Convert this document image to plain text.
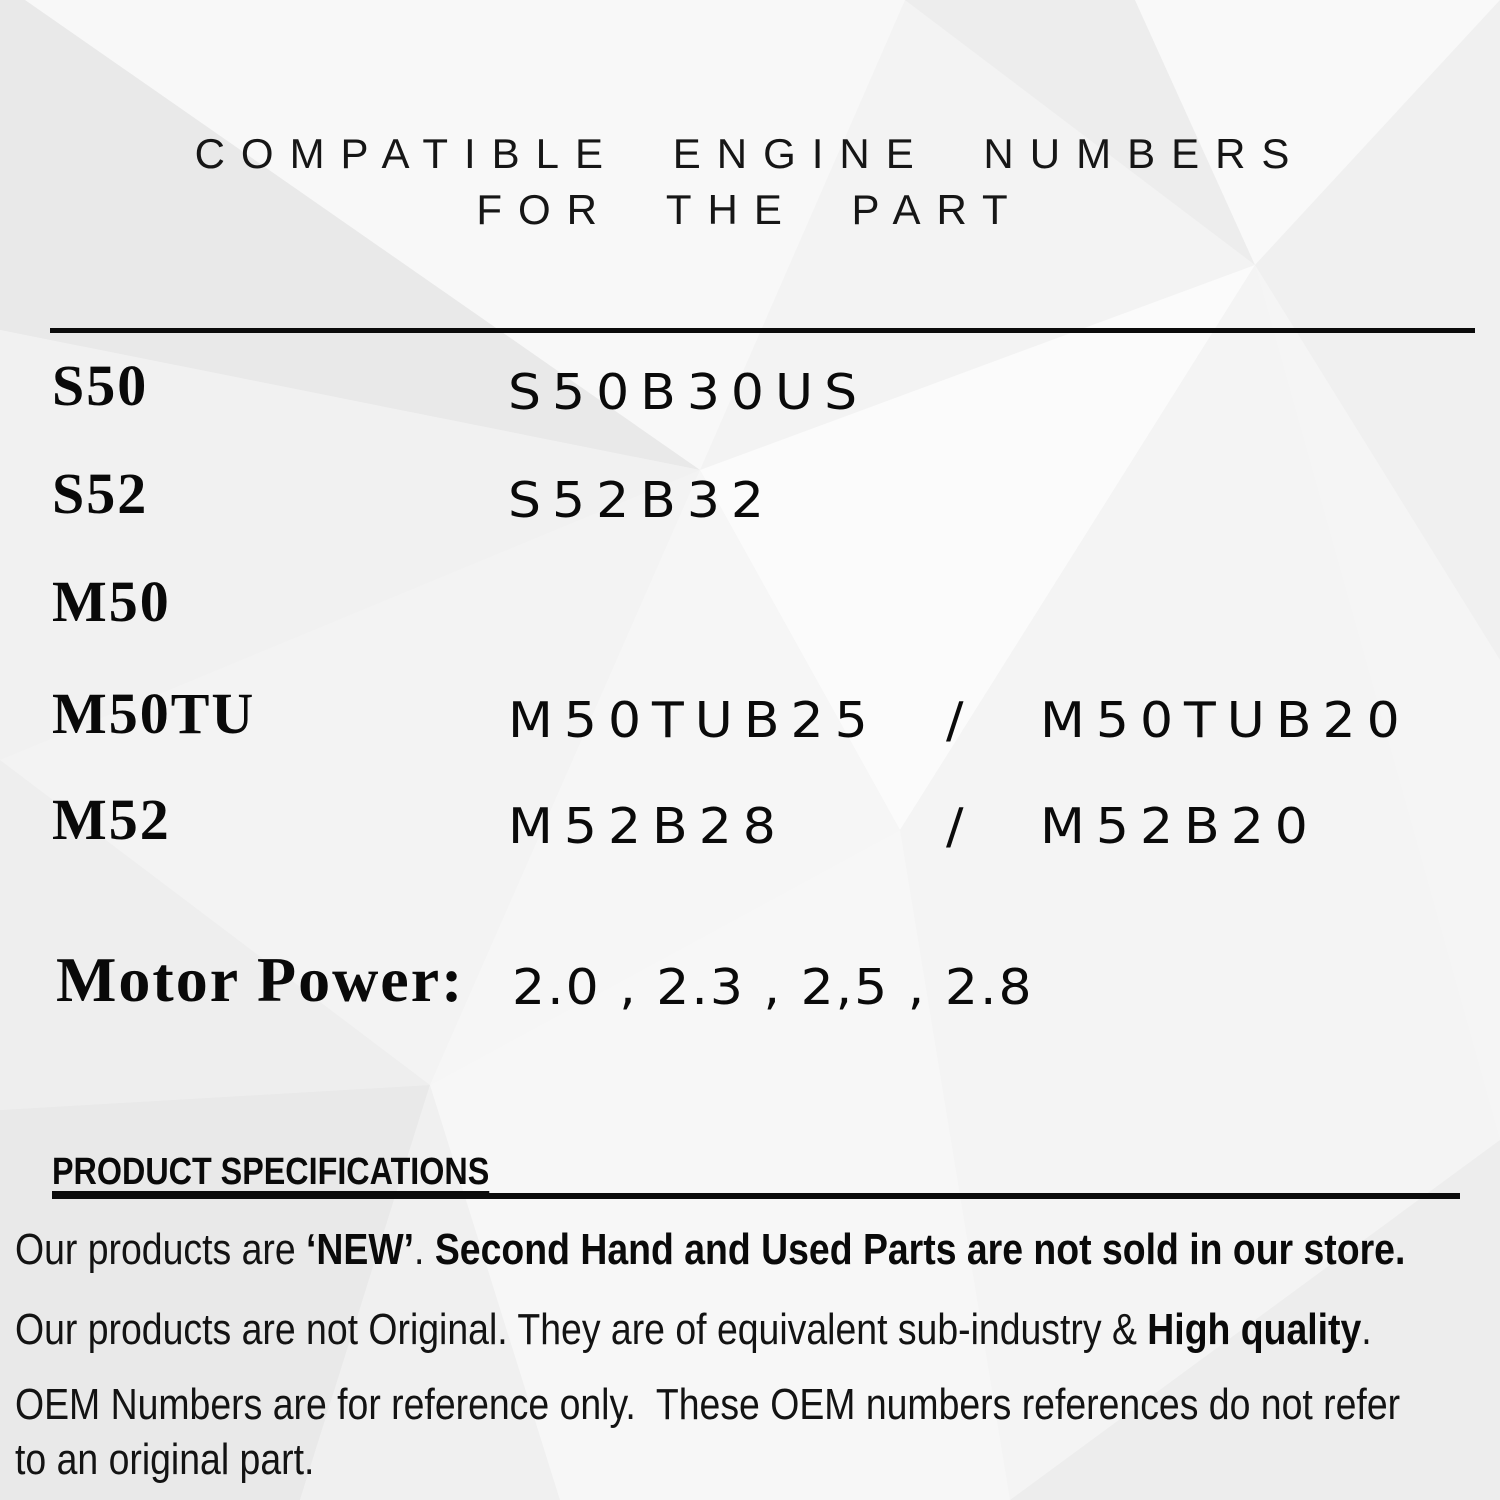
COMPATIBLE ENGINE NUMBERS
FOR THE PART
S50	S50B30US
S52	S52B32
M50
M50TU	M50TUB25 / M50TUB20
M52	M52B28	/ M52B20
Motor Power: 2.0 , 2.3 , 2,5 , 2.8
PRODUCT SPECIFICATIONS
Our products are ‘NEW’. Second Hand and Used Parts are not sold in our store.
Our products are not Original. They are of equivalent sub-industry & High quality.
OEM Numbers are for reference only.  These OEM numbers references do not refer
to an original part.
